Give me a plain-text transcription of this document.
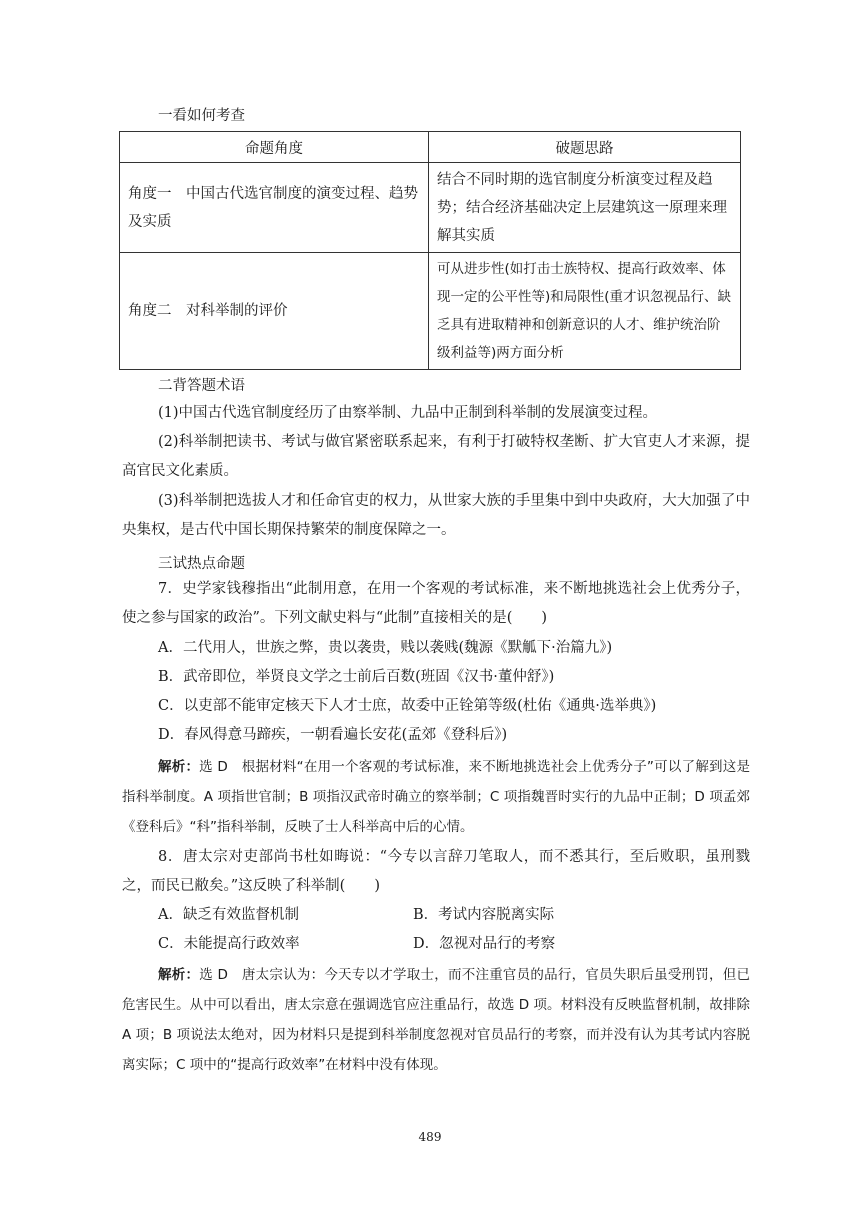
一看如何考查
命题角度	破题思路
角度一　中国古代选官制度的演变过程、趋势及实质	结合不同时期的选官制度分析演变过程及趋势；结合经济基础决定上层建筑这一原理来理解其实质
角度二　对科举制的评价	可从进步性(如打击士族特权、提高行政效率、体现一定的公平性等)和局限性(重才识忽视品行、缺乏具有进取精神和创新意识的人才、维护统治阶级利益等)两方面分析
二背答题术语

(1)中国古代选官制度经历了由察举制、九品中正制到科举制的发展演变过程。

(2)科举制把读书、考试与做官紧密联系起来，有利于打破特权垄断、扩大官吏人才来源，提高官民文化素质。

(3)科举制把选拔人才和任命官吏的权力，从世家大族的手里集中到中央政府，大大加强了中央集权，是古代中国长期保持繁荣的制度保障之一。

三试热点命题

7．史学家钱穆指出“此制用意，在用一个客观的考试标准，来不断地挑选社会上优秀分子，使之参与国家的政治”。下列文献史料与“此制”直接相关的是(　　)

A．二代用人，世族之弊，贵以袭贵，贱以袭贱(魏源《默觚下·治篇九》)
B．武帝即位，举贤良文学之士前后百数(班固《汉书·董仲舒》)
C．以吏部不能审定核天下人才士庶，故委中正铨第等级(杜佑《通典·选举典》)
D．春风得意马蹄疾，一朝看遍长安花(孟郊《登科后》)

解析：选 D　根据材料“在用一个客观的考试标准，来不断地挑选社会上优秀分子”可以了解到这是指科举制度。A 项指世官制；B 项指汉武帝时确立的察举制；C 项指魏晋时实行的九品中正制；D 项孟郊《登科后》“科”指科举制，反映了士人科举高中后的心情。

8．唐太宗对吏部尚书杜如晦说：“今专以言辞刀笔取人，而不悉其行，至后败职，虽刑戮之，而民已敝矣。”这反映了科举制(　　)

A．缺乏有效监督机制	B．考试内容脱离实际
C．未能提高行政效率	D．忽视对品行的考察

解析：选 D　唐太宗认为：今天专以才学取士，而不注重官员的品行，官员失职后虽受刑罚，但已危害民生。从中可以看出，唐太宗意在强调选官应注重品行，故选 D 项。材料没有反映监督机制，故排除 A 项；B 项说法太绝对，因为材料只是提到科举制度忽视对官员品行的考察，而并没有认为其考试内容脱离实际；C 项中的“提高行政效率”在材料中没有体现。

489
